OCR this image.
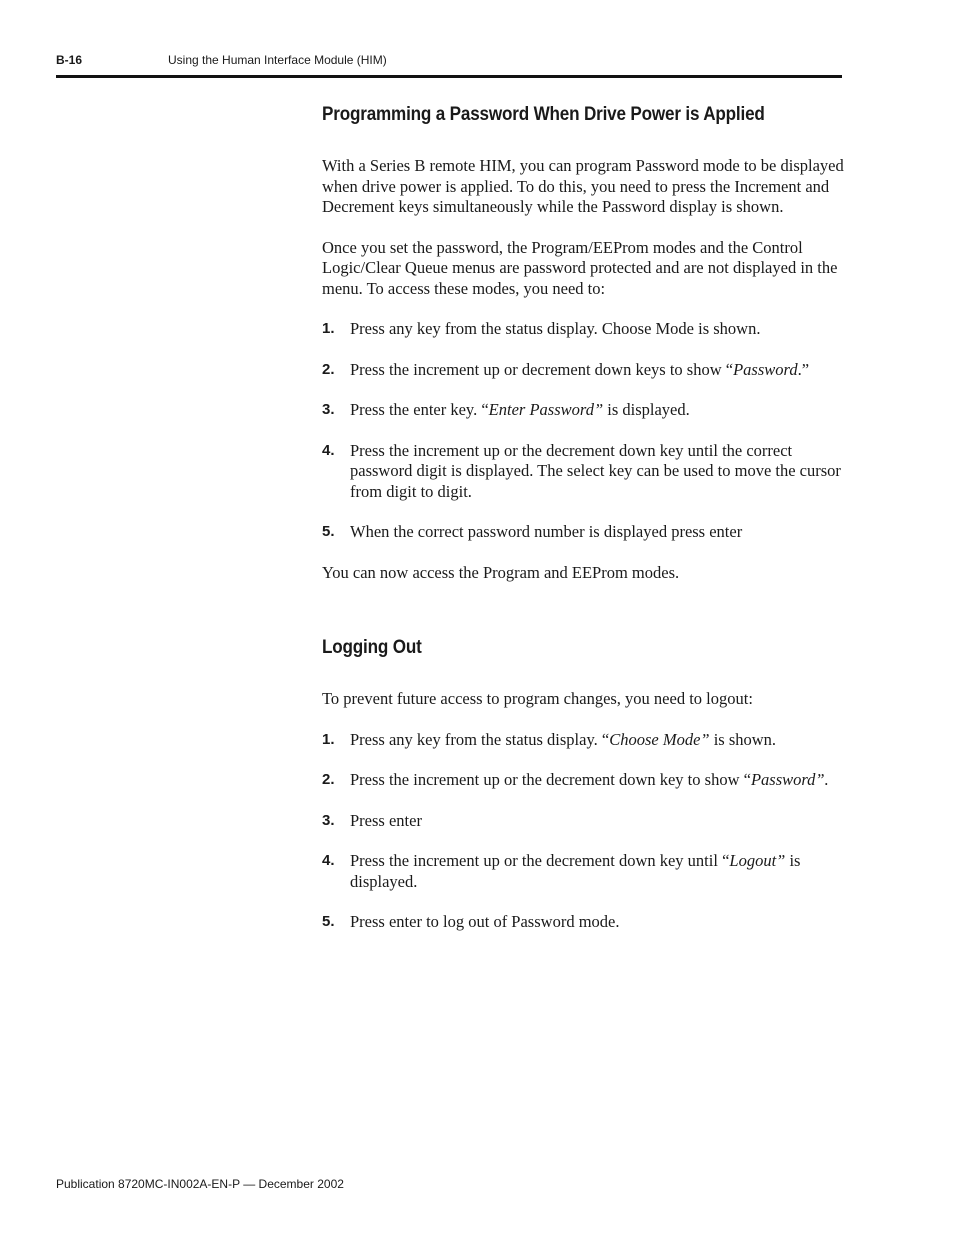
B-16	Using the Human Interface Module (HIM)
Programming a Password When Drive Power is Applied

With a Series B remote HIM, you can program Password mode to be displayed when drive power is applied. To do this, you need to press the Increment and Decrement keys simultaneously while the Password display is shown.

Once you set the password, the Program/EEProm modes and the Control Logic/Clear Queue menus are password protected and are not displayed in the menu. To access these modes, you need to:

1. Press any key from the status display. Choose Mode is shown.
2. Press the increment up or decrement down keys to show “Password.”
3. Press the enter key. “Enter Password” is displayed.
4. Press the increment up or the decrement down key until the correct password digit is displayed. The select key can be used to move the cursor from digit to digit.
5. When the correct password number is displayed press enter

You can now access the Program and EEProm modes.

Logging Out

To prevent future access to program changes, you need to logout:

1. Press any key from the status display. “Choose Mode” is shown.
2. Press the increment up or the decrement down key to show “Password”.
3. Press enter
4. Press the increment up or the decrement down key until “Logout” is displayed.
5. Press enter to log out of Password mode.
Publication 8720MC-IN002A-EN-P — December 2002
